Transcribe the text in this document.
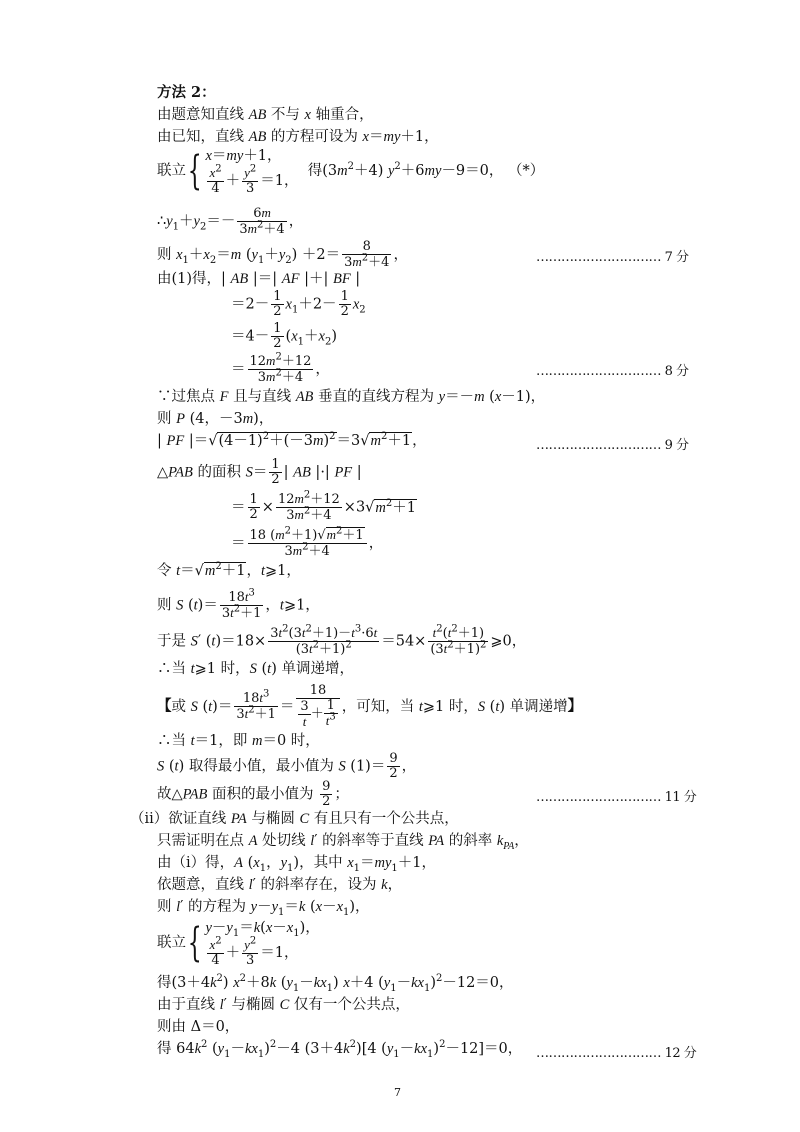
方法 2：
由题意知直线 AB 不与 x 轴重合，
由已知，直线 AB 的方程可设为 x＝my＋1，
联立{ x＝my＋1，
$\frac{x^2}{4} + \frac{y^2}{3} =1$，
得$(3m^2+4)$ $y^2+6my-9=0$， （*）
$\therefore y_1+y_2=- \frac{6m}{3m^2+4}$ ，
则 $x_1+x_2=m$ $(y_1+y_2) +2= \frac{8}{3m^2+4}$ ，	………………………… 7 分
由(1)得，| AB |＝| AF |＋| BF |
$=2- \frac{1}{2} x_1+2- \frac{1}{2} x_2$
$=4- \frac{1}{2} (x_1+x_2)$
＝ $\frac{12m^2+12}{3m^2+4}$ ，	………………………… 8 分
∵过焦点 F 且与直线 AB 垂直的直线方程为 y＝－m (x－1)，
则 P (4，－3m)，
| PF $|=√(4-1)^2+(-3m)^2=3√m^2+1$，	………………………… 9 分
△PAB 的面积 $S= \frac{1}{2}$ | AB |·| PF |
＝ $\frac{1}{2} \times \frac{12m^2+12}{3m^2+4} \times 3√m^2+1$
＝ $\frac{18 (m^2+1)√m^2+1}{3m^2+4}$ ，
令 $t=√m^2+1$，t⩾1，
则 S $(t)= \frac{18t^3}{3t^2+1}$ ，t⩾1，
于是 S′ $(t)=18\times \frac{3t^2(3t^2+1)-t^3\cdot 6t}{(3t^2+1)^2} =54\times \frac{t^2(t^2+1)}{(3t^2+1)^2}$ ⩾0，
∴当 t⩾1 时，S (t) 单调递增，
【或 S $(t)= \frac{18t^3}{3t^2+1} = \frac{18}{\frac{3}{t} + \frac{1}{t^3}}$ ，可知，当 t⩾1 时，S (t) 单调递增】
∴当 t＝1，即 m＝0 时，
S (t) 取得最小值，最小值为 S $(1)= \frac{9}{2}$ ，
故△PAB 面积的最小值为 $\frac{9}{2}$ ；	………………………… 11 分
（ⅱ）欲证直线 PA 与椭圆 C 有且只有一个公共点，
只需证明在点 A 处切线 l′ 的斜率等于直线 PA 的斜率 $k_{PA}$，
由（ⅰ）得，A ($x_1$，$y_1$)，其中 $x_1=my_1+1$，
依题意，直线 l′ 的斜率存在，设为 k，
则 l′ 的方程为 $y-y_1=k$ $(x-x_1)$，
联立{ $y-y_1=k(x-x_1)$，
$\frac{x^2}{4} + \frac{y^2}{3} =1$，
得$(3+4k^2)$ $x^2+8k$ $(y_1-kx_1)$ x＋4 $(y_1-kx_1)^2-12=0$，
由于直线 l′ 与椭圆 C 仅有一个公共点，
则由 Δ＝0，
得 $64k^2$ $(y_1-kx_1)^2-4$ $(3+4k^2)[4$ $(y_1-kx_1)^2-12]=0$， ………………………… 12 分
7
